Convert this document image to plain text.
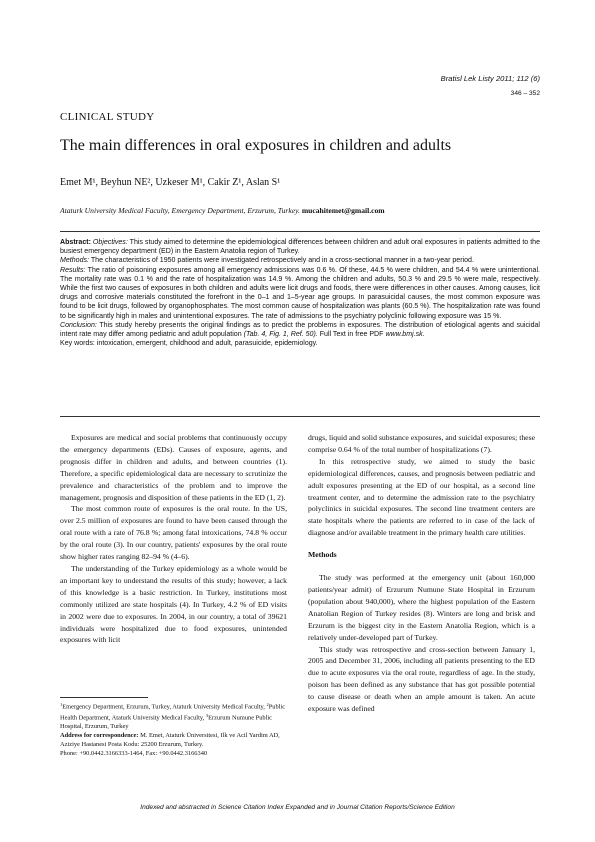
Bratisl Lek Listy 2011; 112 (6)
346 – 352
CLINICAL STUDY
The main differences in oral exposures in children and adults
Emet M¹, Beyhun NE², Uzkeser M¹, Cakir Z¹, Aslan S¹
Ataturk University Medical Faculty, Emergency Department, Erzurum, Turkey. mucahitemet@gmail.com

Abstract: Objectives: This study aimed to determine the epidemiological differences between children and adult oral exposures in patients admitted to the busiest emergency department (ED) in the Eastern Anatolia region of Turkey.

Methods: The characteristics of 1950 patients were investigated retrospectively and in a cross-sectional manner in a two-year period.

Results: The ratio of poisoning exposures among all emergency admissions was 0.6 %. Of these, 44.5 % were children, and 54.4 % were unintentional. The mortality rate was 0.1 % and the rate of hospitalization was 14.9 %. Among the children and adults, 50.3 % and 29.5 % were male, respectively. While the first two causes of exposures in both children and adults were licit drugs and foods, there were differences in other causes. Among causes, licit drugs and corrosive materials constituted the forefront in the 0–1 and 1–5-year age groups. In parasuicidal causes, the most common exposure was found to be licit drugs, followed by organophosphates. The most common cause of hospitalization was plants (60.5 %). The hospitalization rate was found to be significantly high in males and unintentional exposures. The rate of admissions to the psychiatry polyclinic following exposure was 15 %.

Conclusion: This study hereby presents the original findings as to predict the problems in exposures. The distribution of etiological agents and suicidal intent rate may differ among pediatric and adult population (Tab. 4, Fig. 1, Ref. 50). Full Text in free PDF www.bmj.sk.

Key words: intoxication, emergent, childhood and adult, parasuicide, epidemiology.

Exposures are medical and social problems that continuously occupy the emergency departments (EDs). Causes of exposure, agents, and prognosis differ in children and adults, and between countries (1). Therefore, a specific epidemiological data are necessary to scrutinize the prevalence and characteristics of the problem and to improve the management, prognosis and disposition of these patients in the ED (1, 2).

The most common route of exposures is the oral route. In the US, over 2.5 million of exposures are found to have been caused through the oral route with a rate of 76.8 %; among fatal intoxications, 74.8 % occur by the oral route (3). In our country, patients' exposures by the oral route show higher rates ranging 82–94 % (4–6).

The understanding of the Turkey epidemiology as a whole would be an important key to understand the results of this study; however, a lack of this knowledge is a basic restriction. In Turkey, institutions most commonly utilized are state hospitals (4). In Turkey, 4.2 % of ED visits in 2002 were due to exposures. In 2004, in our country, a total of 39621 individuals were hospitalized due to food exposures, unintended exposures with licit

drugs, liquid and solid substance exposures, and suicidal exposures; these comprise 0.64 % of the total number of hospitalizations (7).

In this retrospective study, we aimed to study the basic epidemiological differences, causes, and prognosis between pediatric and adult exposures presenting at the ED of our hospital, as a second line treatment center, and to determine the admission rate to the psychiatry polyclinics in suicidal exposures. The second line treatment centers are state hospitals where the patients are referred to in case of the lack of diagnose and/or available treatment in the primary health care utilities.

Methods

The study was performed at the emergency unit (about 160,000 patients/year admit) of Erzurum Numune State Hospital in Erzurum (population about 940,000), where the highest population of the Eastern Anatolian Region of Turkey resides (8). Winters are long and brisk and Erzurum is the biggest city in the Eastern Anatolia Region, which is a relatively under-developed part of Turkey.

This study was retrospective and cross-section between January 1, 2005 and December 31, 2006, including all patients presenting to the ED due to acute exposures via the oral route, regardless of age. In the study, poison has been defined as any substance that has got possible potential to cause disease or death when an ample amount is taken. An acute exposure was defined

$^1$Emergency Department, Erzurum, Turkey, Ataturk University Medical Faculty, $^2$Public Health Department, Ataturk University Medical Faculty, $^3$Erzurum Numune Public Hospital, Erzurum, Turkey

Address for correspondence: M. Emet, Ataturk Üniversitesi, Ilk ve Acil Yardim AD, Aziziye Hastanesi Posta Kodu: 25200 Erzurum, Turkey.

Phone: +90.0442.3166333-1464, Fax: +90.0442.3166340

Indexed and abstracted in Science Citation Index Expanded and in Journal Citation Reports/Science Edition
